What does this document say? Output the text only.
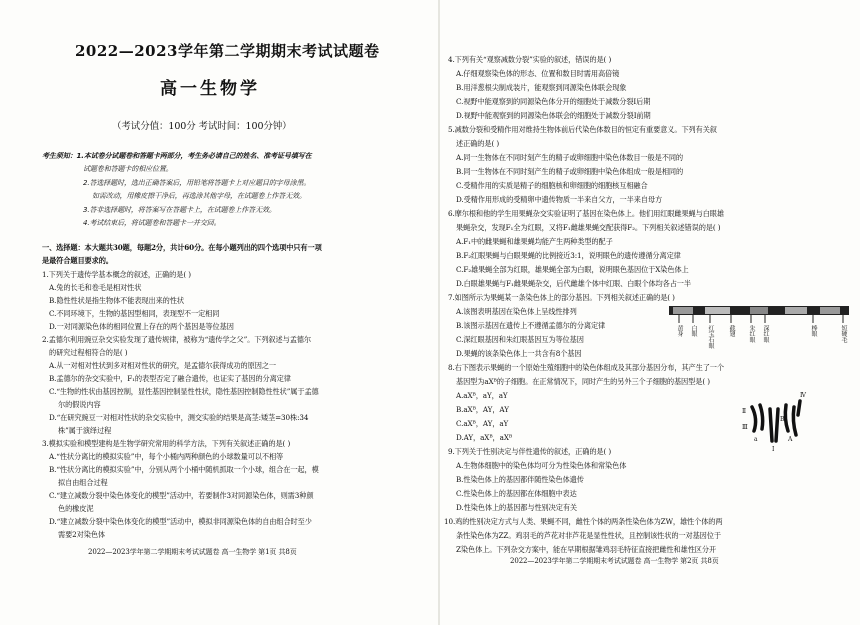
2022—2023学年第二学期期末考试试题卷
高一生物学
（考试分值：100分 考试时间：100分钟）
考生须知：1.本试卷分试题卷和答题卡两部分，考生务必请自己的姓名、准考证号填写在
试题卷和答题卡的相应位置。
2.答选择题时，选出正确答案后，用铅笔将答题卡上对应题目的字母涂黑。
如需改动，用橡皮擦干净后，再选涂其他字母，在试题卷上作答无效。
3.答非选择题时，将答案写在答题卡上，在试题卷上作答无效。
4.考试结束后，将试题卷和答题卡一并交回。
一、选择题：本大题共30题，每题2分，共计60分。在每小题列出的四个选项中只有一项
是最符合题目要求的。
1.下列关于遗传学基本概念的叙述，正确的是( )
A.兔的长毛和卷毛是相对性状
B.隐性性状是指生物体不能表现出来的性状
C.不同环境下，生物的基因型相同，表现型不一定相同
D.一对同源染色体的相同位置上存在的两个基因是等位基因
2.孟德尔利用豌豆杂交实验发现了遗传规律，被称为“遗传学之父”。下列叙述与孟德尔
的研究过程相符合的是( )
A.从一对相对性状到多对相对性状的研究，是孟德尔获得成功的原因之一
B.孟德尔的杂交实验中，F₁的表型否定了融合遗传，也证实了基因的分离定律
C.“生物的性状由基因控制，显性基因控制显性性状，隐性基因控制隐性性状”属于孟德
尔的假说内容
D.“在研究豌豆一对相对性状的杂交实验中，测交实验的结果是高茎:矮茎=30株:34
株”属于演绎过程
3.模拟实验和模型建构是生物学研究常用的科学方法，下列有关叙述正确的是( )
A.“性状分离比的模拟实验”中，每个小桶内两种颜色的小球数量可以不相等
B.“性状分离比的模拟实验”中，分别从两个小桶中随机抓取一个小球，组合在一起，模
拟自由组合过程
C.“建立减数分裂中染色体变化的模型”活动中，若要制作3对同源染色体，则需3种颜
色的橡皮泥
D.“建立减数分裂中染色体变化的模型”活动中，模拟非同源染色体的自由组合时至少
需要2对染色体
2022—2023学年第二学期期末考试试题卷 高一生物学 第1页 共8页
4.下列有关“观察减数分裂”实验的叙述，错误的是( )
A.仔细观察染色体的形态、位置和数目时需用高倍镜
B.用洋葱根尖制成装片，能观察到同源染色体联会现象
C.视野中能观察到的同源染色体分开的细胞处于减数分裂Ⅰ后期
D.视野中能观察到的同源染色体联会的细胞处于减数分裂Ⅰ前期
5.减数分裂和受精作用对维持生物体前后代染色体数目的恒定有重要意义。下列有关叙
述正确的是( )
A.同一生物体在不同时刻产生的精子或卵细胞中染色体数目一般是不同的
B.同一生物体在不同时刻产生的精子或卵细胞中染色体组成一般是相同的
C.受精作用的实质是精子的细胞核和卵细胞的细胞核互相融合
D.受精作用形成的受精卵中遗传物质一半来自父方，一半来自母方
6.摩尔根和他的学生用果蝇杂交实验证明了基因在染色体上。他们用红眼雌果蝇与白眼雄
果蝇杂交，发现F₁全为红眼，又将F₁雌雄果蝇交配获得F₂。下列相关叙述错误的是( )
A.F₁中的雌果蝇和雄果蝇均能产生两种类型的配子
B.F₂红眼果蝇与白眼果蝇的比例接近3:1，说明眼色的遗传遵循分离定律
C.F₂雄果蝇全部为红眼，雄果蝇全部为白眼，说明眼色基因位于X染色体上
D.白眼雄果蝇与F₁雌果蝇杂交，后代雌雄个体中红眼、白眼个体均各占一半
7.如图所示为果蝇某一条染色体上的部分基因。下列相关叙述正确的是( )
A.该图表明基因在染色体上呈线性排列
B.该图示基因在遗传上不遵循孟德尔的分离定律
C.深红眼基因和朱红眼基因互为等位基因
D.果蝇的该条染色体上一共含有8个基因
8.右下图表示果蝇的一个原始生殖细胞中的染色体组成及其部分基因分布，其产生了一个
基因型为aXᴮ的子细胞。在正常情况下，同时产生的另外三个子细胞的基因型是( )
A.aXᴮ，aY，aY
B.aXᴮ，AY，AY
C.aXᴮ，AY，aY
D.AY，aXᴮ，aXᴮ
9.下列关于性别决定与伴性遗传的叙述，正确的是( )
A.生物体细胞中的染色体均可分为性染色体和常染色体
B.性染色体上的基因都伴随性染色体遗传
C.性染色体上的基因都在体细胞中表达
D.性染色体上的基因都与性别决定有关
10.鸡的性别决定方式与人类、果蝇不同，雌性个体的两条性染色体为ZW，雄性个体的两
条性染色体为ZZ。鸡羽毛的芦花对非芦花是显性性状，且控制该性状的一对基因位于
Z染色体上。下列杂交方案中，能在早期根据雏鸡羽毛特征直接把雌性和雄性区分开
黄身 白眼 红宝石眼 截翅 朱红眼 深红眼	棒眼	短硬毛
Ⅱ
Ⅲ
Ⅳ
Ⅰ
a	A
B
2022—2023学年第二学期期末考试试题卷 高一生物学 第2页 共8页
